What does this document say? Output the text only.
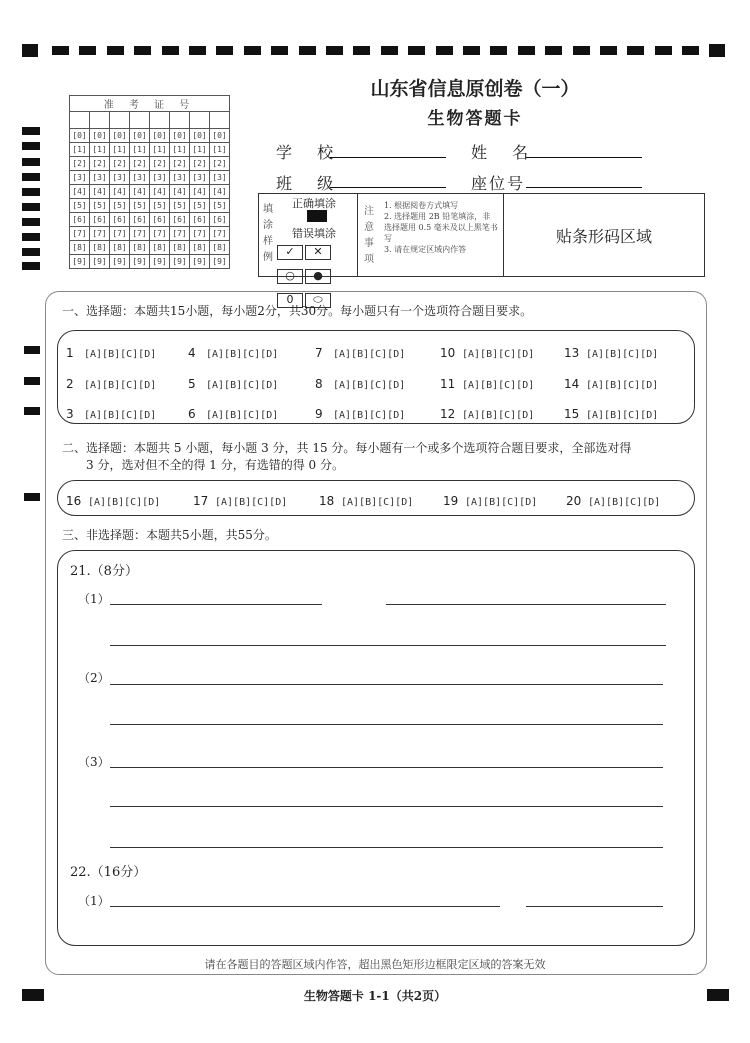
山东省信息原创卷（一）
生物答题卡
准 考 证 号							

[0]	[0]	[0]	[0]	[0]	[0]	[0]	[0]
[1]	[1]	[1]	[1]	[1]	[1]	[1]	[1]
[2]	[2]	[2]	[2]	[2]	[2]	[2]	[2]
[3]	[3]	[3]	[3]	[3]	[3]	[3]	[3]
[4]	[4]	[4]	[4]	[4]	[4]	[4]	[4]
[5]	[5]	[5]	[5]	[5]	[5]	[5]	[5]
[6]	[6]	[6]	[6]	[6]	[6]	[6]	[6]
[7]	[7]	[7]	[7]	[7]	[7]	[7]	[7]
[8]	[8]	[8]	[8]	[8]	[8]	[8]	[8]
[9]	[9]	[9]	[9]	[9]	[9]	[9]	[9]
学 校	姓 名
班 级	座位号
填
涂
样
例
正确填涂
错误填涂
✓ ✕○ ●0 ⬭
注
意
事
项
1. 根据阅卷方式填写
2. 选择题用 2B 铅笔填涂，非选择题用 0.5 毫米及以上黑笔书写
3. 请在规定区域内作答
贴条形码区域
一、选择题：本题共15小题，每小题2分，共30分。每小题只有一个选项符合题目要求。
1 [A][B][C][D]	4 [A][B][C][D]	7 [A][B][C][D]	10 [A][B][C][D] 13 [A][B][C][D]
2 [A][B][C][D]	5 [A][B][C][D]	8 [A][B][C][D]	11 [A][B][C][D] 14 [A][B][C][D]
3 [A][B][C][D]	6 [A][B][C][D]	9 [A][B][C][D]	12 [A][B][C][D] 15 [A][B][C][D]
二、选择题：本题共 5 小题，每小题 3 分，共 15 分。每小题有一个或多个选项符合题目要求，全部选对得
3 分，选对但不全的得 1 分，有选错的得 0 分。
16 [A][B][C][D]	17 [A][B][C][D]	18 [A][B][C][D] 19 [A][B][C][D] 20 [A][B][C][D]
三、非选择题：本题共5小题，共55分。
21.（8分）
（1）
（2）
（3）
22.（16分）
（1）
请在各题目的答题区域内作答，超出黑色矩形边框限定区域的答案无效
生物答题卡 1-1（共2页）
